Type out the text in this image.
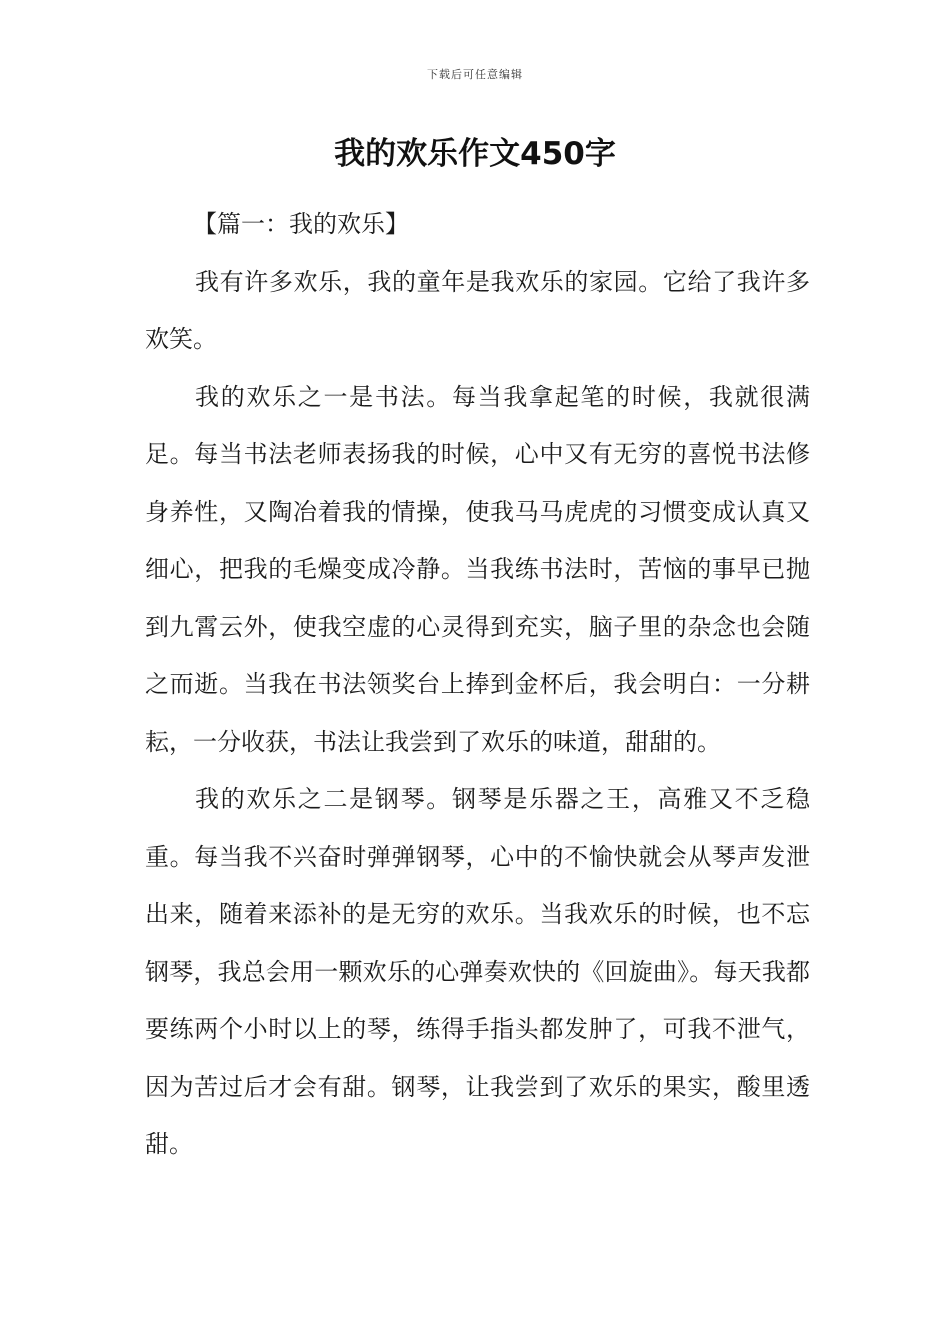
下载后可任意编辑
我的欢乐作文450字

【篇一：我的欢乐】

我有许多欢乐，我的童年是我欢乐的家园。它给了我许多欢笑。

我的欢乐之一是书法。每当我拿起笔的时候，我就很满足。每当书法老师表扬我的时候，心中又有无穷的喜悦书法修身养性，又陶冶着我的情操，使我马马虎虎的习惯变成认真又细心，把我的毛燥变成冷静。当我练书法时，苦恼的事早已抛到九霄云外，使我空虚的心灵得到充实，脑子里的杂念也会随之而逝。当我在书法领奖台上捧到金杯后，我会明白：一分耕耘，一分收获，书法让我尝到了欢乐的味道，甜甜的。

我的欢乐之二是钢琴。钢琴是乐器之王，高雅又不乏稳重。每当我不兴奋时弹弹钢琴，心中的不愉快就会从琴声发泄出来，随着来添补的是无穷的欢乐。当我欢乐的时候，也不忘钢琴，我总会用一颗欢乐的心弹奏欢快的《回旋曲》。每天我都要练两个小时以上的琴，练得手指头都发肿了，可我不泄气，因为苦过后才会有甜。钢琴，让我尝到了欢乐的果实，酸里透甜。
